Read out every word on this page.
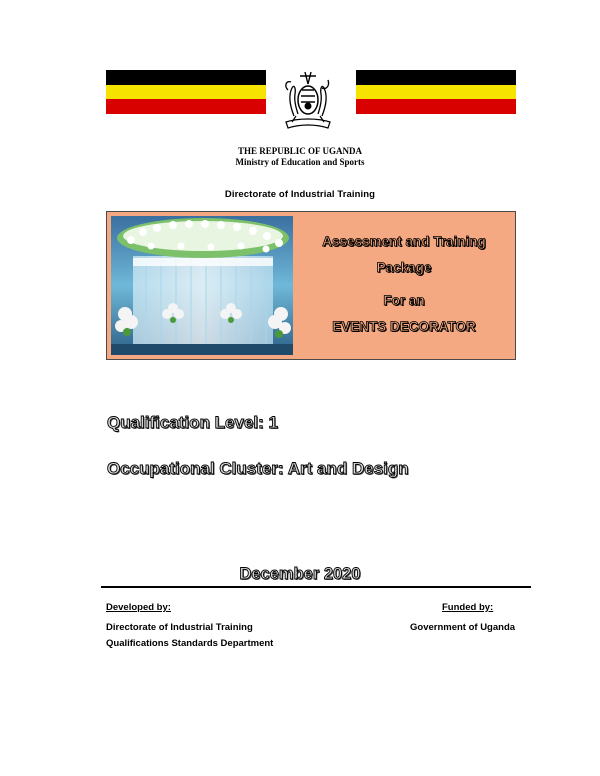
THE REPUBLIC OF UGANDA
Ministry of Education and Sports
Directorate of Industrial Training
Assessment and Training
Package
For an
EVENTS DECORATOR
Qualification Level: 1
Occupational Cluster: Art and Design
December 2020
Developed by:	Funded by:
Directorate of Industrial Training
Qualifications Standards Department
Government of Uganda
